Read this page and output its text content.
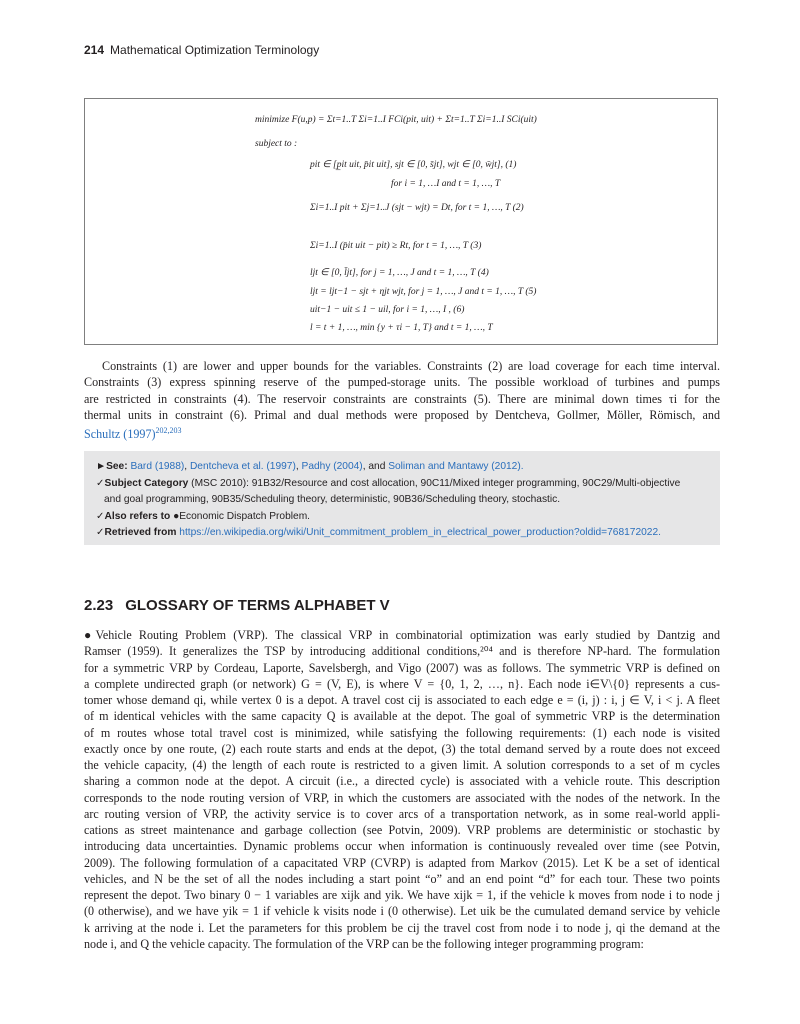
214 Mathematical Optimization Terminology
minimize F(u,p) = Σt=1..T Σi=1..I FCi(pit, uit) + Σt=1..T Σi=1..I SCi(uit)
subject to :
pit ∈ [p̲it uit, p̄it uit], sjt ∈ [0, s̄jt], wjt ∈ [0, w̄jt], (1)
for i = 1, …I and t = 1, …, T
Σi=1..I pit + Σj=1..J (sjt − wjt) = Dt, for t = 1, …, T (2)
Σi=1..I (p̄it uit − pit) ≥ Rt, for t = 1, …, T (3)
ljt ∈ [0, l̄jt], for j = 1, …, J and t = 1, …, T (4)
ljt = ljt−1 − sjt + ηjt wjt, for j = 1, …, J and t = 1, …, T (5)
uit−1 − uit ≤ 1 − uil, for i = 1, …, I , (6)
l = t + 1, …, min {y + τi − 1, T} and t = 1, …, T
Constraints (1) are lower and upper bounds for the variables. Constraints (2) are load coverage for each time interval.
Constraints (3) express spinning reserve of the pumped-storage units. The possible workload of turbines and pumps
are restricted in constraints (4). The reservoir constraints are constraints (5). There are minimal down times τi for the
thermal units in constraint (6). Primal and dual methods were proposed by Dentcheva, Gollmer, Möller, Römisch, and
Schultz $(1997)^{202,203}$
►See: Bard (1988), Dentcheva et al. (1997), Padhy (2004), and Soliman and Mantawy (2012).
✓Subject Category (MSC 2010): 91B32/Resource and cost allocation, 90C11/Mixed integer programming, 90C29/Multi-objective
and goal programming, 90B35/Scheduling theory, deterministic, 90B36/Scheduling theory, stochastic.
✓Also refers to ●Economic Dispatch Problem.
✓Retrieved from https://en.wikipedia.org/wiki/Unit_commitment_problem_in_electrical_power_production?oldid=768172022.
2.23 GLOSSARY OF TERMS ALPHABET V
●Vehicle Routing Problem (VRP). The classical VRP in combinatorial optimization was early studied by Dantzig and
Ramser (1959). It generalizes the TSP by introducing additional conditions,²⁰⁴ and is therefore NP-hard. The formulation
for a symmetric VRP by Cordeau, Laporte, Savelsbergh, and Vigo (2007) was as follows. The symmetric VRP is defined on
a complete undirected graph (or network) G = (V, E), is where V = {0, 1, 2, …, n}. Each node i∈V\{0} represents a cus-
tomer whose demand qi, while vertex 0 is a depot. A travel cost cij is associated to each edge e = (i, j) : i, j ∈ V, i < j. A fleet
of m identical vehicles with the same capacity Q is available at the depot. The goal of symmetric VRP is the determination
of m routes whose total travel cost is minimized, while satisfying the following requirements: (1) each node is visited
exactly once by one route, (2) each route starts and ends at the depot, (3) the total demand served by a route does not exceed
the vehicle capacity, (4) the length of each route is restricted to a given limit. A solution corresponds to a set of m cycles
sharing a common node at the depot. A circuit (i.e., a directed cycle) is associated with a vehicle route. This description
corresponds to the node routing version of VRP, in which the customers are associated with the nodes of the network. In the
arc routing version of VRP, the activity service is to cover arcs of a transportation network, as in some real-world appli-
cations as street maintenance and garbage collection (see Potvin, 2009). VRP problems are deterministic or stochastic by
introducing data uncertainties. Dynamic problems occur when information is continuously revealed over time (see Potvin,
2009). The following formulation of a capacitated VRP (CVRP) is adapted from Markov (2015). Let K be a set of identical
vehicles, and N be the set of all the nodes including a start point “o” and an end point “d” for each tour. These two points
represent the depot. Two binary 0 − 1 variables are xijk and yik. We have xijk = 1, if the vehicle k moves from node i to node j
(0 otherwise), and we have yik = 1 if vehicle k visits node i (0 otherwise). Let uik be the cumulated demand service by vehicle
k arriving at the node i. Let the parameters for this problem be cij the travel cost from node i to node j, qi the demand at the
node i, and Q the vehicle capacity. The formulation of the VRP can be the following integer programming program:
